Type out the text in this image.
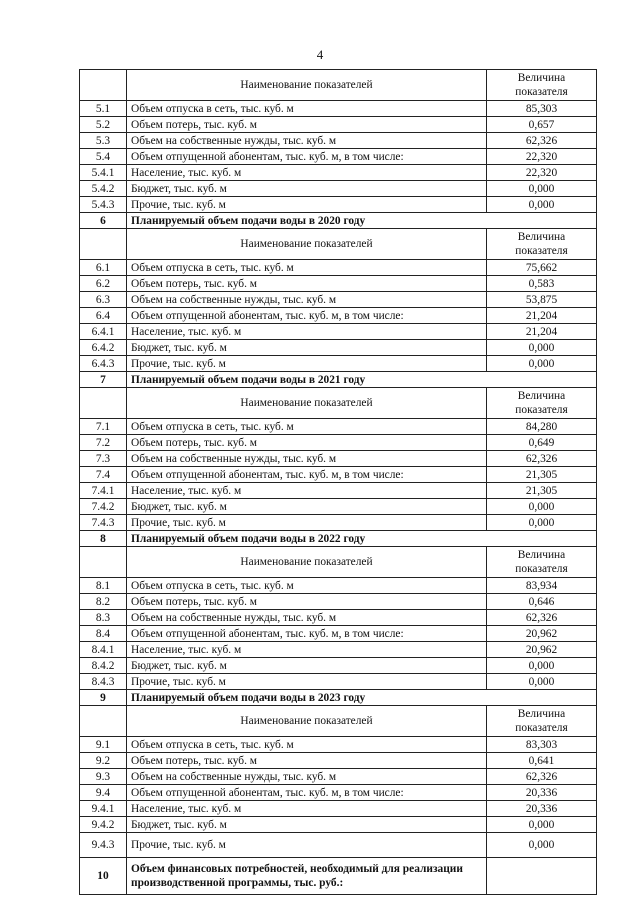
4
	Наименование показателей	Величина показателя
5.1	Объем отпуска в сеть, тыс. куб. м	85,303
5.2	Объем потерь, тыс. куб. м	0,657
5.3	Объем на собственные нужды, тыс. куб. м	62,326
5.4	Объем отпущенной абонентам, тыс. куб. м, в том числе:	22,320
5.4.1	Население, тыс. куб. м	22,320
5.4.2	Бюджет, тыс. куб. м	0,000
5.4.3	Прочие, тыс. куб. м	0,000
6	Планируемый объем подачи воды в 2020 году	
	Наименование показателей	Величина показателя
6.1	Объем отпуска в сеть, тыс. куб. м	75,662
6.2	Объем потерь, тыс. куб. м	0,583
6.3	Объем на собственные нужды, тыс. куб. м	53,875
6.4	Объем отпущенной абонентам, тыс. куб. м, в том числе:	21,204
6.4.1	Население, тыс. куб. м	21,204
6.4.2	Бюджет, тыс. куб. м	0,000
6.4.3	Прочие, тыс. куб. м	0,000
7	Планируемый объем подачи воды в 2021 году	
	Наименование показателей	Величина показателя
7.1	Объем отпуска в сеть, тыс. куб. м	84,280
7.2	Объем потерь, тыс. куб. м	0,649
7.3	Объем на собственные нужды, тыс. куб. м	62,326
7.4	Объем отпущенной абонентам, тыс. куб. м, в том числе:	21,305
7.4.1	Население, тыс. куб. м	21,305
7.4.2	Бюджет, тыс. куб. м	0,000
7.4.3	Прочие, тыс. куб. м	0,000
8	Планируемый объем подачи воды в 2022 году	
	Наименование показателей	Величина показателя
8.1	Объем отпуска в сеть, тыс. куб. м	83,934
8.2	Объем потерь, тыс. куб. м	0,646
8.3	Объем на собственные нужды, тыс. куб. м	62,326
8.4	Объем отпущенной абонентам, тыс. куб. м, в том числе:	20,962
8.4.1	Население, тыс. куб. м	20,962
8.4.2	Бюджет, тыс. куб. м	0,000
8.4.3	Прочие, тыс. куб. м	0,000
9	Планируемый объем подачи воды в 2023 году	
	Наименование показателей	Величина показателя
9.1	Объем отпуска в сеть, тыс. куб. м	83,303
9.2	Объем потерь, тыс. куб. м	0,641
9.3	Объем на собственные нужды, тыс. куб. м	62,326
9.4	Объем отпущенной абонентам, тыс. куб. м, в том числе:	20,336
9.4.1	Население, тыс. куб. м	20,336
9.4.2	Бюджет, тыс. куб. м	0,000
9.4.3	Прочие, тыс. куб. м	0,000
10	Объем финансовых потребностей, необходимый для реализации производственной программы, тыс. руб.:	
